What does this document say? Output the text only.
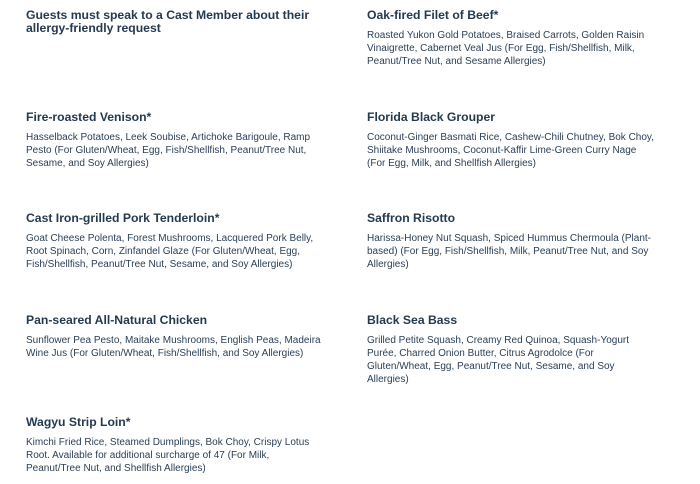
Guests must speak to a Cast Member about their allergy-friendly request
Oak-fired Filet of Beef*

Roasted Yukon Gold Potatoes, Braised Carrots, Golden Raisin Vinaigrette, Cabernet Veal Jus (For Egg, Fish/Shellfish, Milk, Peanut/Tree Nut, and Sesame Allergies)

Fire-roasted Venison*

Hasselback Potatoes, Leek Soubise, Artichoke Barigoule, Ramp Pesto (For Gluten/Wheat, Egg, Fish/Shellfish, Peanut/Tree Nut, Sesame, and Soy Allergies)

Florida Black Grouper

Coconut-Ginger Basmati Rice, Cashew-Chili Chutney, Bok Choy, Shiitake Mushrooms, Coconut-Kaffir Lime-Green Curry Nage (For Egg, Milk, and Shellfish Allergies)

Cast Iron-grilled Pork Tenderloin*

Goat Cheese Polenta, Forest Mushrooms, Lacquered Pork Belly, Root Spinach, Corn, Zinfandel Glaze (For Gluten/Wheat, Egg, Fish/Shellfish, Peanut/Tree Nut, Sesame, and Soy Allergies)

Saffron Risotto

Harissa-Honey Nut Squash, Spiced Hummus Chermoula (Plant-based) (For Egg, Fish/Shellfish, Milk, Peanut/Tree Nut, and Soy Allergies)

Pan-seared All-Natural Chicken

Sunflower Pea Pesto, Maitake Mushrooms, English Peas, Madeira Wine Jus (For Gluten/Wheat, Fish/Shellfish, and Soy Allergies)

Black Sea Bass

Grilled Petite Squash, Creamy Red Quinoa, Squash-Yogurt Purée, Charred Onion Butter, Citrus Agrodolce (For Gluten/Wheat, Egg, Peanut/Tree Nut, Sesame, and Soy Allergies)

Wagyu Strip Loin*

Kimchi Fried Rice, Steamed Dumplings, Bok Choy, Crispy Lotus Root. Available for additional surcharge of 47 (For Milk, Peanut/Tree Nut, and Shellfish Allergies)
